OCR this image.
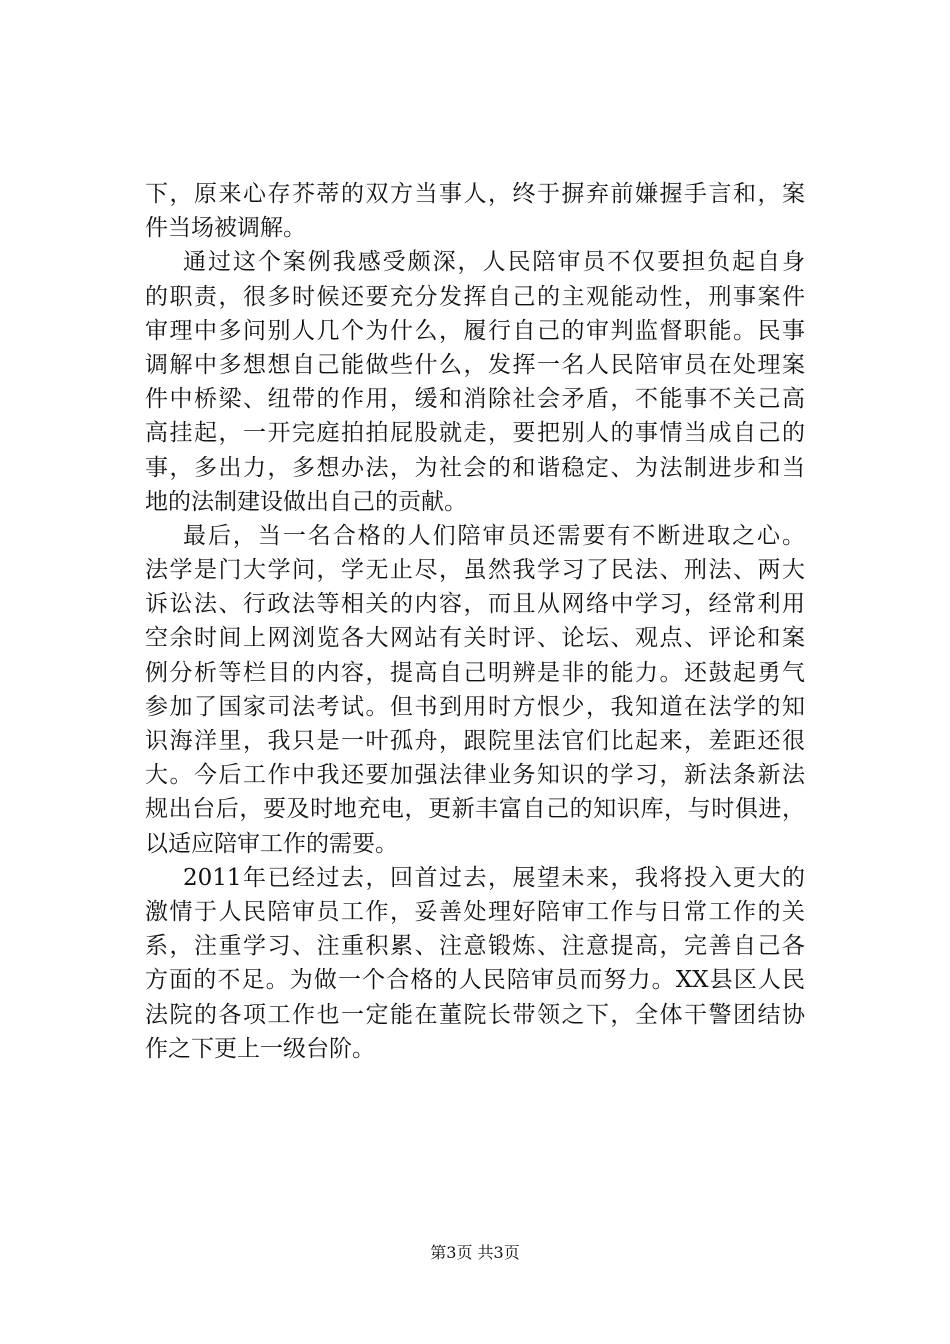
下，原来心存芥蒂的双方当事人，终于摒弃前嫌握手言和，案
件当场被调解。
通过这个案例我感受颇深，人民陪审员不仅要担负起自身
的职责，很多时候还要充分发挥自己的主观能动性，刑事案件
审理中多问别人几个为什么，履行自己的审判监督职能。民事
调解中多想想自己能做些什么，发挥一名人民陪审员在处理案
件中桥梁、纽带的作用，缓和消除社会矛盾，不能事不关己高
高挂起，一开完庭拍拍屁股就走，要把别人的事情当成自己的
事，多出力，多想办法，为社会的和谐稳定、为法制进步和当
地的法制建设做出自己的贡献。
最后，当一名合格的人们陪审员还需要有不断进取之心。
法学是门大学问，学无止尽，虽然我学习了民法、刑法、两大
诉讼法、行政法等相关的内容，而且从网络中学习，经常利用
空余时间上网浏览各大网站有关时评、论坛、观点、评论和案
例分析等栏目的内容，提高自己明辨是非的能力。还鼓起勇气
参加了国家司法考试。但书到用时方恨少，我知道在法学的知
识海洋里，我只是一叶孤舟，跟院里法官们比起来，差距还很
大。今后工作中我还要加强法律业务知识的学习，新法条新法
规出台后，要及时地充电，更新丰富自己的知识库，与时俱进，
以适应陪审工作的需要。
2011年已经过去，回首过去，展望未来，我将投入更大的
激情于人民陪审员工作，妥善处理好陪审工作与日常工作的关
系，注重学习、注重积累、注意锻炼、注意提高，完善自己各
方面的不足。为做一个合格的人民陪审员而努力。XX县区人民
法院的各项工作也一定能在董院长带领之下，全体干警团结协
作之下更上一级台阶。
第3页 共3页
